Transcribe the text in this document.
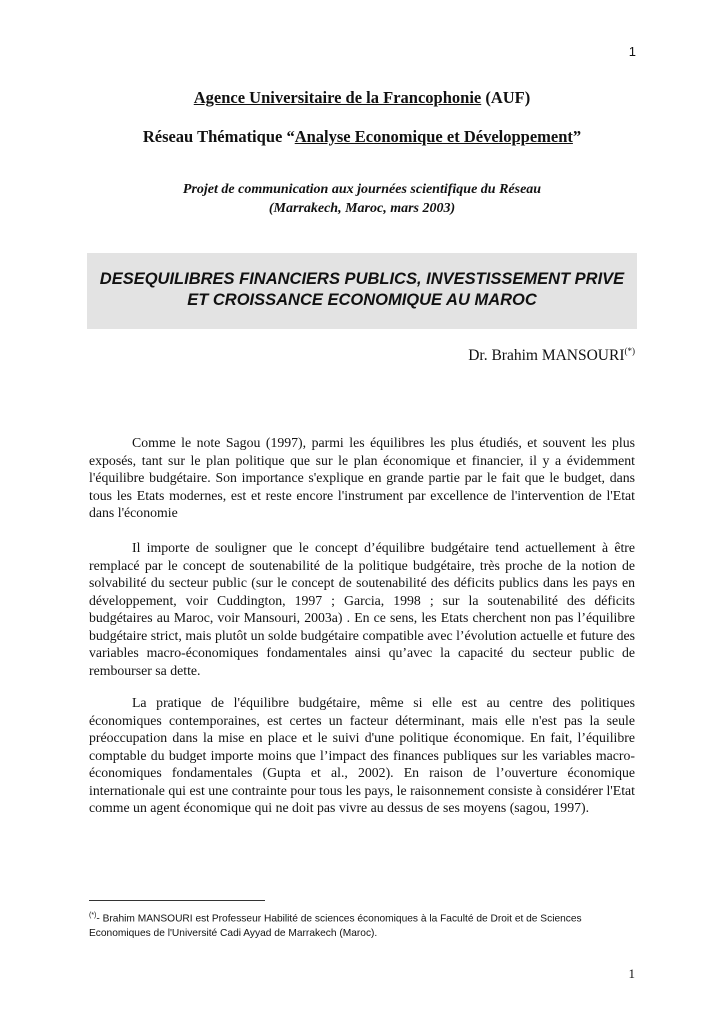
1
Agence Universitaire de la Francophonie (AUF)
Réseau Thématique “Analyse Economique et Développement”
Projet de communication aux journées scientifique du Réseau
(Marrakech, Maroc, mars 2003)
DESEQUILIBRES FINANCIERS PUBLICS, INVESTISSEMENT PRIVE
ET CROISSANCE ECONOMIQUE AU MAROC
Dr. Brahim MANSOURI(*)

Comme le note Sagou (1997), parmi les équilibres les plus étudiés, et souvent les plus exposés, tant sur le plan politique que sur le plan économique et financier, il y a évidemment l'équilibre budgétaire. Son importance s'explique en grande partie par le fait que le budget, dans tous les Etats modernes, est et reste encore l'instrument par excellence de l'intervention de l'Etat dans l'économie

Il importe de souligner que le concept d’équilibre budgétaire tend actuellement à être remplacé par le concept de soutenabilité de la politique budgétaire, très proche de la notion de solvabilité du secteur public (sur le concept de soutenabilité des déficits publics dans les pays en développement, voir Cuddington, 1997 ; Garcia, 1998 ; sur la soutenabilité des déficits budgétaires au Maroc, voir Mansouri, 2003a) . En ce sens, les Etats cherchent non pas l’équilibre budgétaire strict, mais plutôt un solde budgétaire compatible avec l’évolution actuelle et future des variables macro-économiques fondamentales ainsi qu’avec la capacité du secteur public de rembourser sa dette.

La pratique de l'équilibre budgétaire, même si elle est au centre des politiques économiques contemporaines, est certes un facteur déterminant, mais elle n'est pas la seule préoccupation dans la mise en place et le suivi d'une politique économique. En fait, l’équilibre comptable du budget importe moins que l’impact des finances publiques sur les variables macro-économiques fondamentales (Gupta et al., 2002). En raison de l’ouverture économique internationale qui est une contrainte pour tous les pays, le raisonnement consiste à considérer l'Etat comme un agent économique qui ne doit pas vivre au dessus de ses moyens (sagou, 1997).

(*)- Brahim MANSOURI est Professeur Habilité de sciences économiques à la Faculté de Droit et de Sciences Economiques de l'Université Cadi Ayyad de Marrakech (Maroc).

1
